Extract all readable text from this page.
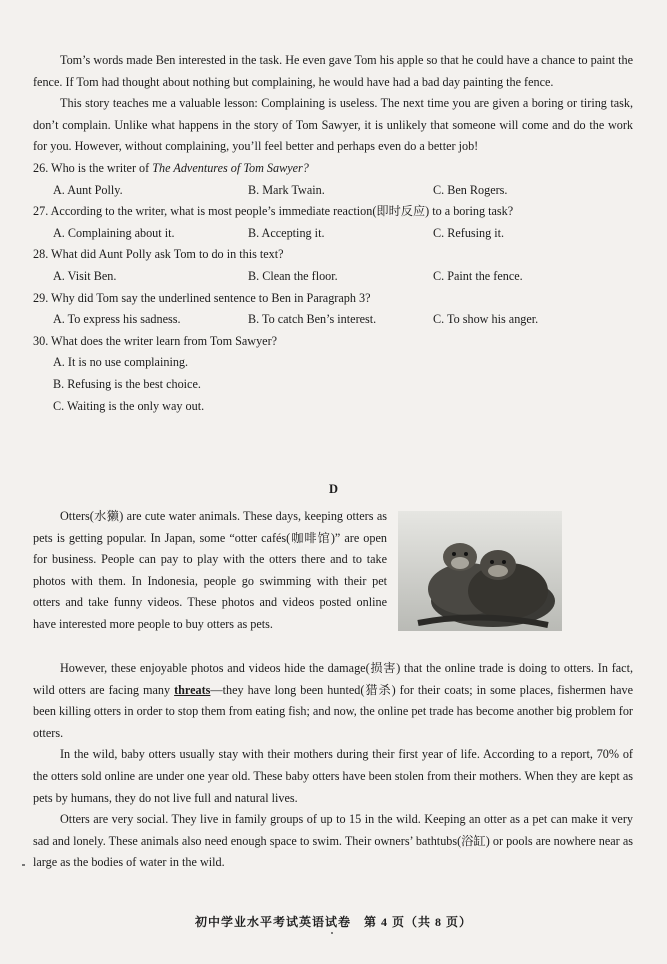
Tom’s words made Ben interested in the task. He even gave Tom his apple so that he could have a chance to paint the fence. If Tom had thought about nothing but complaining, he would have had a bad day painting the fence.

This story teaches me a valuable lesson: Complaining is useless. The next time you are given a boring or tiring task, don’t complain. Unlike what happens in the story of Tom Sawyer, it is unlikely that someone will come and do the work for you. However, without complaining, you’ll feel better and perhaps even do a better job!

26. Who is the writer of The Adventures of Tom Sawyer?

A. Aunt Polly.	B. Mark Twain.	C. Ben Rogers.

27. According to the writer, what is most people’s immediate reaction(即时反应) to a boring task?

A. Complaining about it.	B. Accepting it.	C. Refusing it.

28. What did Aunt Polly ask Tom to do in this text?

A. Visit Ben.	B. Clean the floor.	C. Paint the fence.

29. Why did Tom say the underlined sentence to Ben in Paragraph 3?

A. To express his sadness.	B. To catch Ben’s interest.	C. To show his anger.

30. What does the writer learn from Tom Sawyer?

A. It is no use complaining.
B. Refusing is the best choice.
C. Waiting is the only way out.
D

Otters(水獭) are cute water animals. These days, keeping otters as pets is getting popular. In Japan, some “otter cafés(咖啡馆)” are open for business. People can pay to play with the otters there and to take photos with them. In Indonesia, people go swimming with their pet otters and take funny videos. These photos and videos posted online have interested more people to buy otters as pets.

However, these enjoyable photos and videos hide the damage(损害) that the online trade is doing to otters. In fact, wild otters are facing many threats—they have long been hunted(猎杀) for their coats; in some places, fishermen have been killing otters in order to stop them from eating fish; and now, the online pet trade has become another big problem for otters.

In the wild, baby otters usually stay with their mothers during their first year of life. According to a report, 70% of the otters sold online are under one year old. These baby otters have been stolen from their mothers. When they are kept as pets by humans, they do not live full and natural lives.

Otters are very social. They live in family groups of up to 15 in the wild. Keeping an otter as a pet can make it very sad and lonely. These animals also need enough space to swim. Their owners’ bathtubs(浴缸) or pools are nowhere near as large as the bodies of water in the wild.

初中学业水平考试英语试卷　第 4 页（共 8 页）
